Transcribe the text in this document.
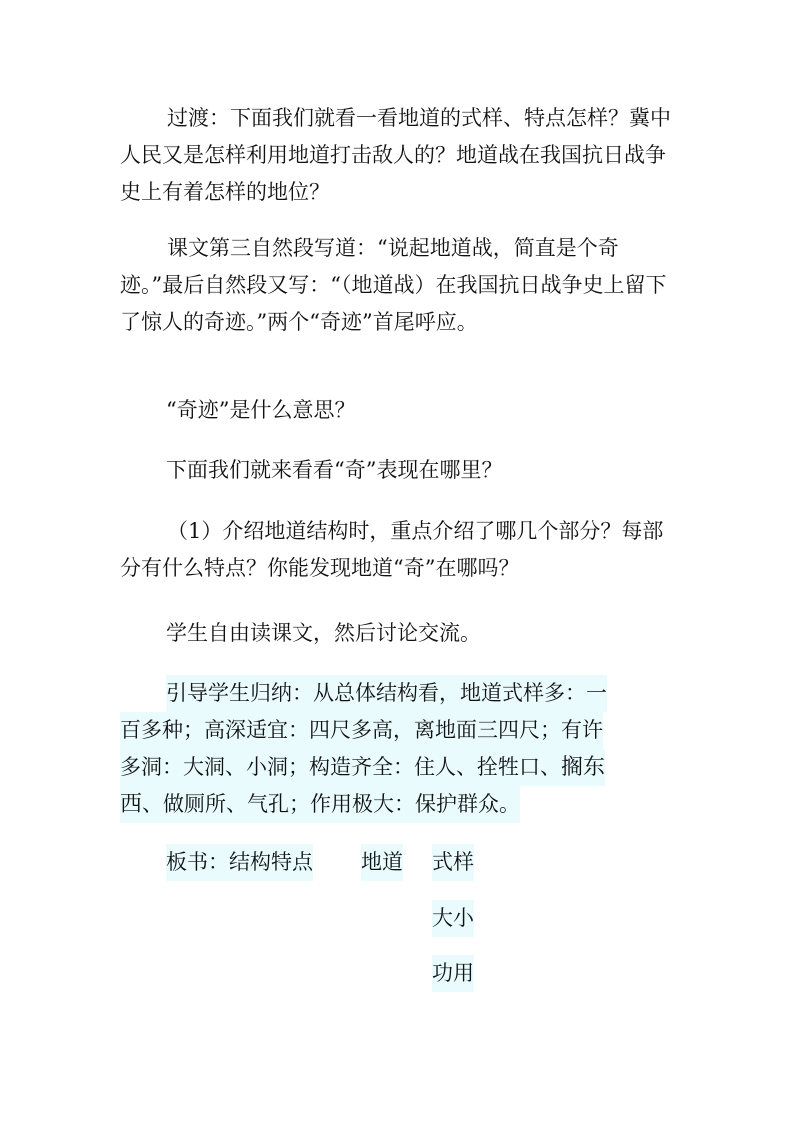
过渡：下面我们就看一看地道的式样、特点怎样？冀中人民又是怎样利用地道打击敌人的？地道战在我国抗日战争史上有着怎样的地位？

课文第三自然段写道：“说起地道战，简直是个奇迹。”最后自然段又写：“（地道战）在我国抗日战争史上留下了惊人的奇迹。”两个“奇迹”首尾呼应。

“奇迹”是什么意思？
下面我们就来看看“奇”表现在哪里？

（1）介绍地道结构时，重点介绍了哪几个部分？每部分有什么特点？你能发现地道“奇”在哪吗？

学生自由读课文，然后讨论交流。
引导学生归纳：从总体结构看，地道式样多：一
百多种；高深适宜：四尺多高，离地面三四尺；有许
多洞：大洞、小洞；构造齐全：住人、拴牲口、搁东
西、做厕所、气孔；作用极大：保护群众。
板书：结构特点 地道 式样
大小
功用
